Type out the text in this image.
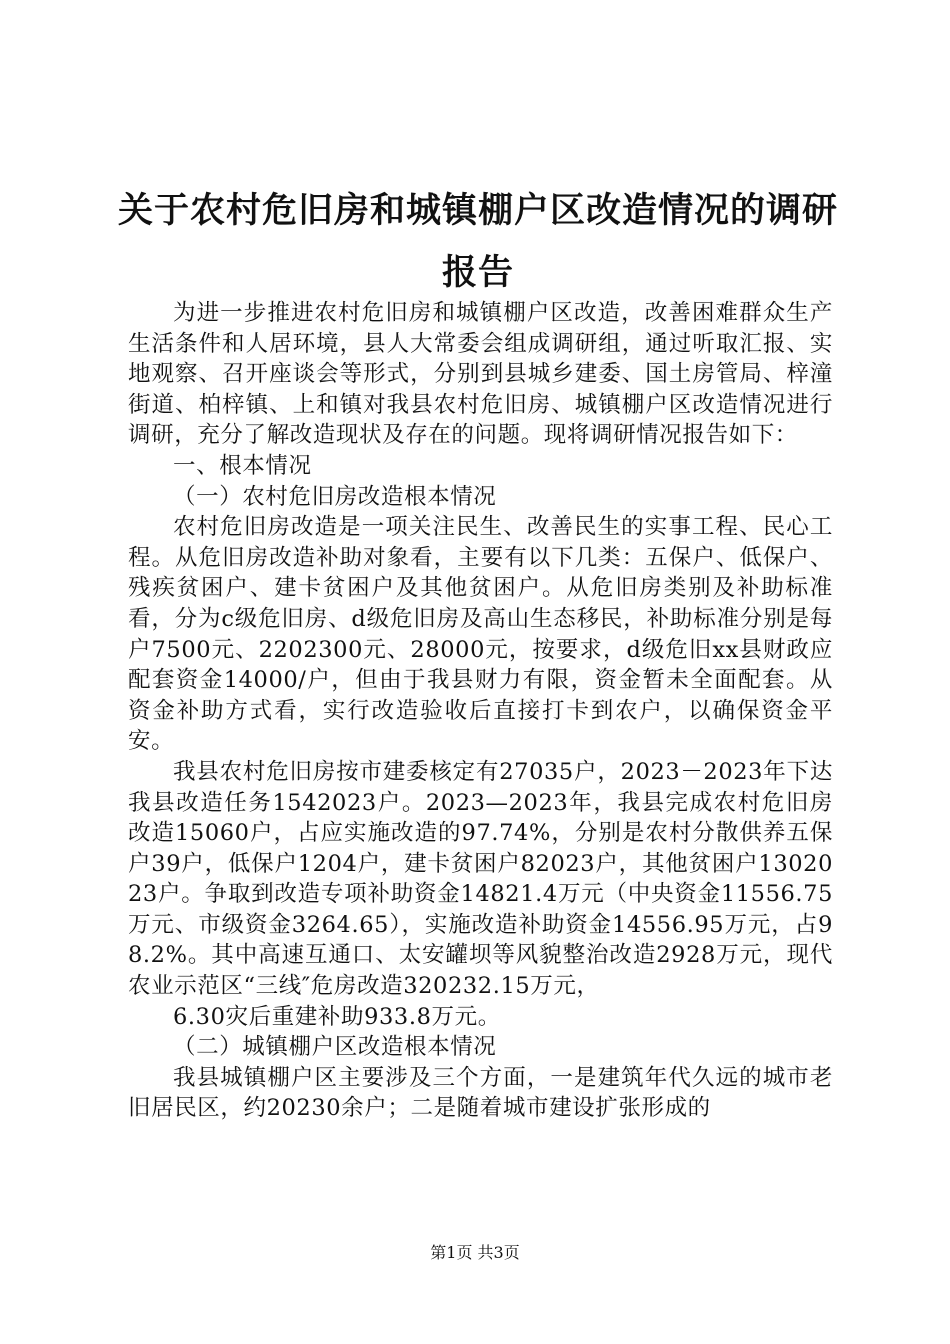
关于农村危旧房和城镇棚户区改造情况的调研报告

为进一步推进农村危旧房和城镇棚户区改造，改善困难群众生产生活条件和人居环境，县人大常委会组成调研组，通过听取汇报、实地观察、召开座谈会等形式，分别到县城乡建委、国土房管局、梓潼街道、柏梓镇、上和镇对我县农村危旧房、城镇棚户区改造情况进行调研，充分了解改造现状及存在的问题。现将调研情况报告如下：

一、根本情况

（一）农村危旧房改造根本情况

农村危旧房改造是一项关注民生、改善民生的实事工程、民心工程。从危旧房改造补助对象看，主要有以下几类：五保户、低保户、残疾贫困户、建卡贫困户及其他贫困户。从危旧房类别及补助标准看，分为c级危旧房、d级危旧房及高山生态移民，补助标准分别是每户7500元、2202300元、28000元，按要求，d级危旧xx县财政应配套资金14000/户，但由于我县财力有限，资金暂未全面配套。从资金补助方式看，实行改造验收后直接打卡到农户，以确保资金平安。

我县农村危旧房按市建委核定有27035户，2023－2023年下达我县改造任务1542023户。2023—2023年，我县完成农村危旧房改造15060户，占应实施改造的97.74%，分别是农村分散供养五保户39户，低保户1204户，建卡贫困户82023户，其他贫困户1302023户。争取到改造专项补助资金14821.4万元（中央资金11556.75万元、市级资金3264.65），实施改造补助资金14556.95万元，占98.2%。其中高速互通口、太安罐坝等风貌整治改造2928万元，现代农业示范区“三线″危房改造320232.15万元，

6.30灾后重建补助933.8万元。

（二）城镇棚户区改造根本情况

我县城镇棚户区主要涉及三个方面，一是建筑年代久远的城市老旧居民区，约20230余户；二是随着城市建设扩张形成的

第1页 共3页
